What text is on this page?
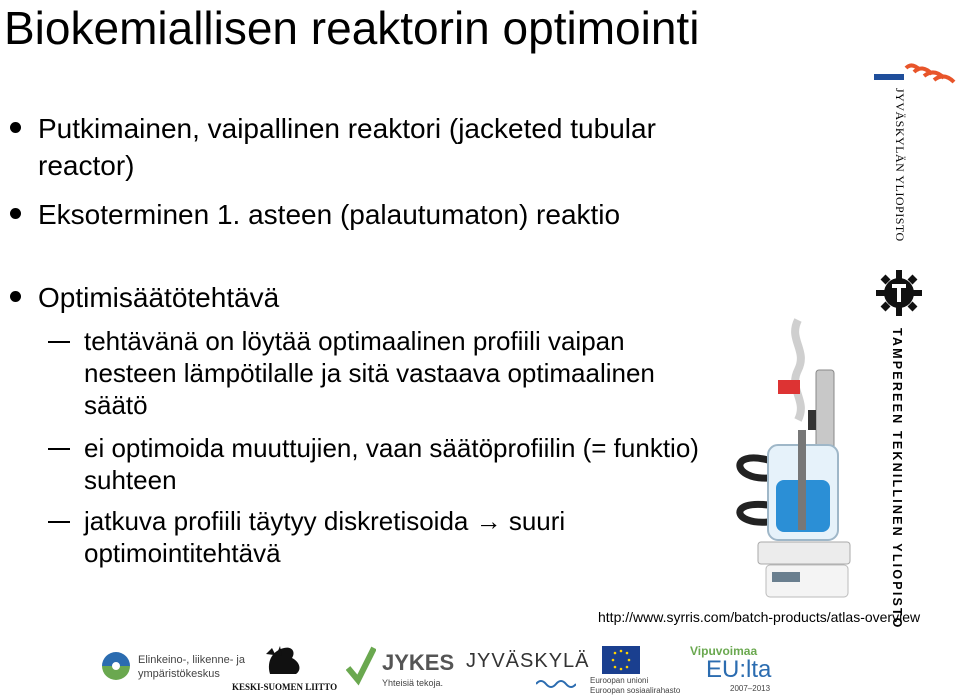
Biokemiallisen reaktorin optimointi
Putkimainen, vaipallinen reaktori (jacketed tubular reactor)
Eksoterminen 1. asteen (palautumaton) reaktio
Optimisäätötehtävä
tehtävänä on löytää optimaalinen profiili vaipan nesteen lämpötilalle ja sitä vastaava optimaalinen säätö
ei optimoida muuttujien, vaan säätöprofiilin (= funktio) suhteen
jatkuva profiili täytyy diskretisoida → suuri optimointitehtävä
http://www.syrris.com/batch-products/atlas-overview
JYVÄSKYLÄN YLIOPISTO
TAMPEREEN TEKNILLINEN YLIOPISTO
Elinkeino-, liikenne- ja
ympäristökeskus
KESKI-SUOMEN LIITTO
JYKES
Yhteisiä tekoja.
JYVÄSKYLÄ
Euroopan unioni
Euroopan sosiaalirahasto
Vipuvoimaa
EU:lta
2007–2013
